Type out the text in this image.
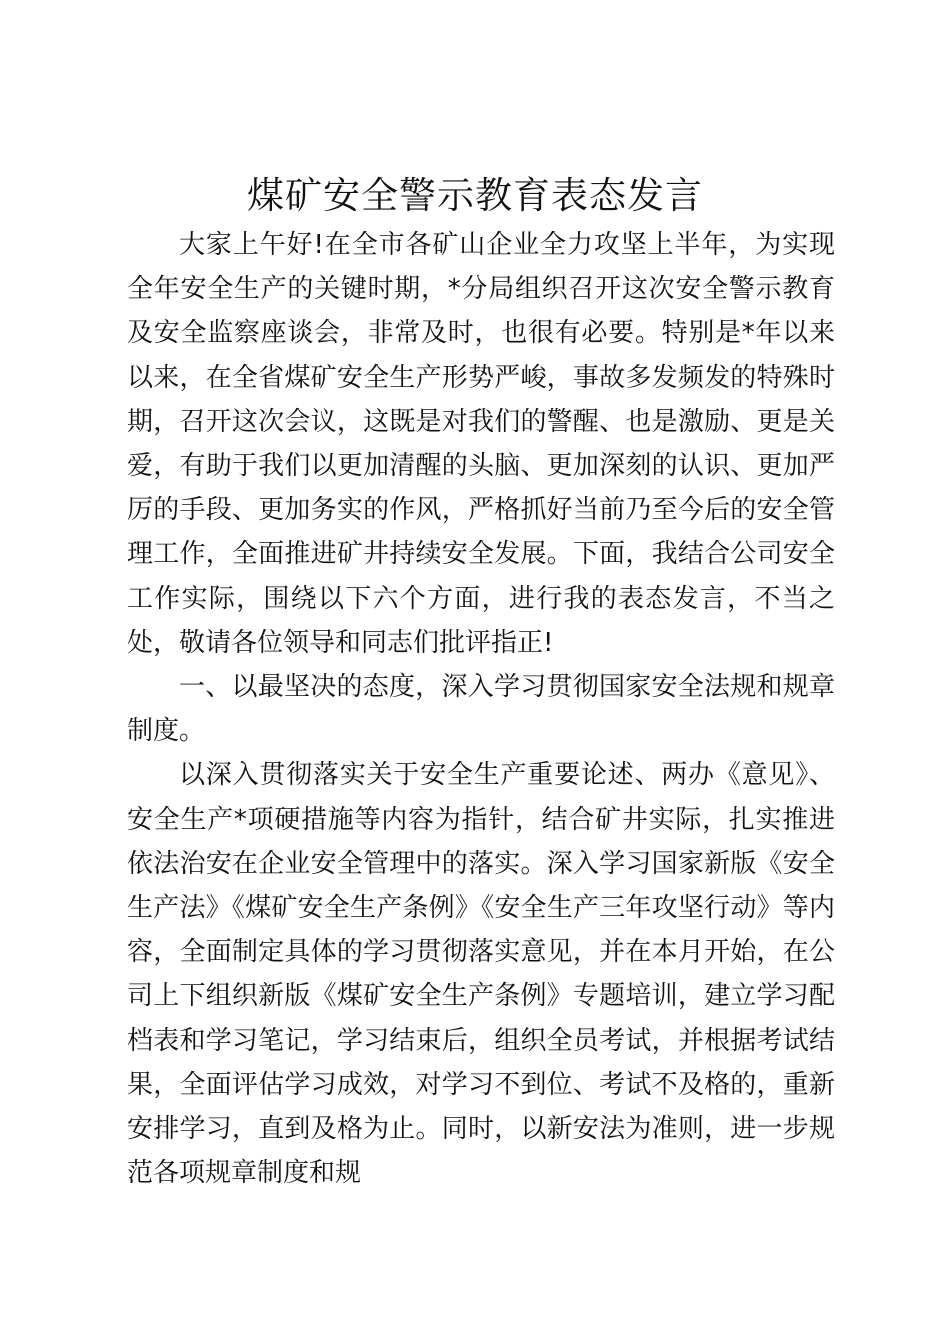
煤矿安全警示教育表态发言

大家上午好!在全市各矿山企业全力攻坚上半年，为实现全年安全生产的关键时期，*分局组织召开这次安全警示教育及安全监察座谈会，非常及时，也很有必要。特别是*年以来以来，在全省煤矿安全生产形势严峻，事故多发频发的特殊时期，召开这次会议，这既是对我们的警醒、也是激励、更是关爱，有助于我们以更加清醒的头脑、更加深刻的认识、更加严厉的手段、更加务实的作风，严格抓好当前乃至今后的安全管理工作，全面推进矿井持续安全发展。下面，我结合公司安全工作实际，围绕以下六个方面，进行我的表态发言，不当之处，敬请各位领导和同志们批评指正!

一、以最坚决的态度，深入学习贯彻国家安全法规和规章制度。

以深入贯彻落实关于安全生产重要论述、两办《意见》、安全生产*项硬措施等内容为指针，结合矿井实际，扎实推进依法治安在企业安全管理中的落实。深入学习国家新版《安全生产法》《煤矿安全生产条例》《安全生产三年攻坚行动》等内容，全面制定具体的学习贯彻落实意见，并在本月开始，在公司上下组织新版《煤矿安全生产条例》专题培训，建立学习配档表和学习笔记，学习结束后，组织全员考试，并根据考试结果，全面评估学习成效，对学习不到位、考试不及格的，重新安排学习，直到及格为止。同时，以新安法为准则，进一步规范各项规章制度和规
